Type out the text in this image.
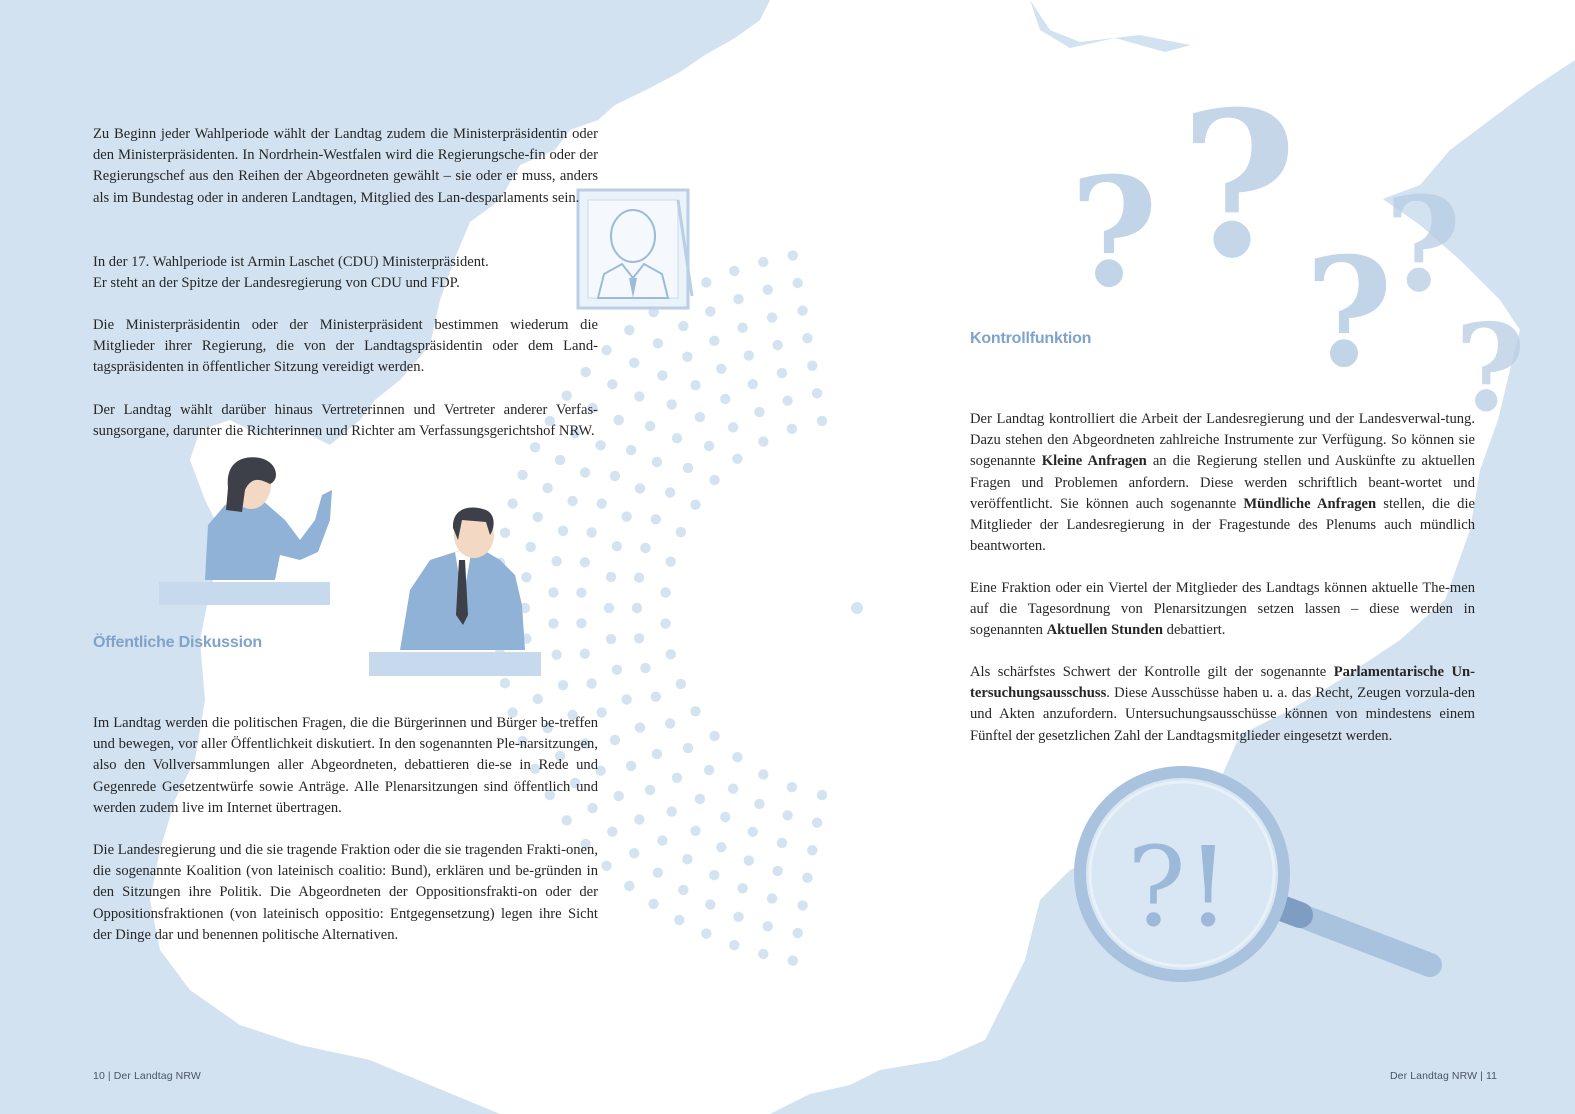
? ?
?
?
?
?!

Zu Beginn jeder Wahlperiode wählt der Landtag zudem die Ministerpräsidentin oder den Ministerpräsidenten. In Nordrhein-Westfalen wird die Regierungsche-fin oder der Regierungschef aus den Reihen der Abgeordneten gewählt – sie oder er muss, anders als im Bundestag oder in anderen Landtagen, Mitglied des Lan-desparlaments sein.

In der 17. Wahlperiode ist Armin Laschet (CDU) Ministerpräsident.
Er steht an der Spitze der Landesregierung von CDU und FDP.

Die Ministerpräsidentin oder der Ministerpräsident bestimmen wiederum die Mitglieder ihrer Regierung, die von der Landtagspräsidentin oder dem Land-tagspräsidenten in öffentlicher Sitzung vereidigt werden.

Der Landtag wählt darüber hinaus Vertreterinnen und Vertreter anderer Verfas-sungsorgane, darunter die Richterinnen und Richter am Verfassungsgerichtshof NRW.

Öffentliche Diskussion

Im Landtag werden die politischen Fragen, die die Bürgerinnen und Bürger be-treffen und bewegen, vor aller Öffentlichkeit diskutiert. In den sogenannten Ple-narsitzungen, also den Vollversammlungen aller Abgeordneten, debattieren die-se in Rede und Gegenrede Gesetzentwürfe sowie Anträge. Alle Plenarsitzungen sind öffentlich und werden zudem live im Internet übertragen.

Die Landesregierung und die sie tragende Fraktion oder die sie tragenden Frakti-onen, die sogenannte Koalition (von lateinisch coalitio: Bund), erklären und be-gründen in den Sitzungen ihre Politik. Die Abgeordneten der Oppositionsfrakti-on oder der Oppositionsfraktionen (von lateinisch oppositio: Entgegensetzung) legen ihre Sicht der Dinge dar und benennen politische Alternativen.

10 | Der Landtag NRW
Kontrollfunktion

Der Landtag kontrolliert die Arbeit der Landesregierung und der Landesverwal-tung. Dazu stehen den Abgeordneten zahlreiche Instrumente zur Verfügung. So können sie sogenannte Kleine Anfragen an die Regierung stellen und Auskünfte zu aktuellen Fragen und Problemen anfordern. Diese werden schriftlich beant-wortet und veröffentlicht. Sie können auch sogenannte Mündliche Anfragen stellen, die die Mitglieder der Landesregierung in der Fragestunde des Plenums auch mündlich beantworten.

Eine Fraktion oder ein Viertel der Mitglieder des Landtags können aktuelle The-men auf die Tagesordnung von Plenarsitzungen setzen lassen – diese werden in sogenannten Aktuellen Stunden debattiert.

Als schärfstes Schwert der Kontrolle gilt der sogenannte Parlamentarische Un-tersuchungsausschuss. Diese Ausschüsse haben u. a. das Recht, Zeugen vorzula-den und Akten anzufordern. Untersuchungsausschüsse können von mindestens einem Fünftel der gesetzlichen Zahl der Landtagsmitglieder eingesetzt werden.

Der Landtag NRW | 11
